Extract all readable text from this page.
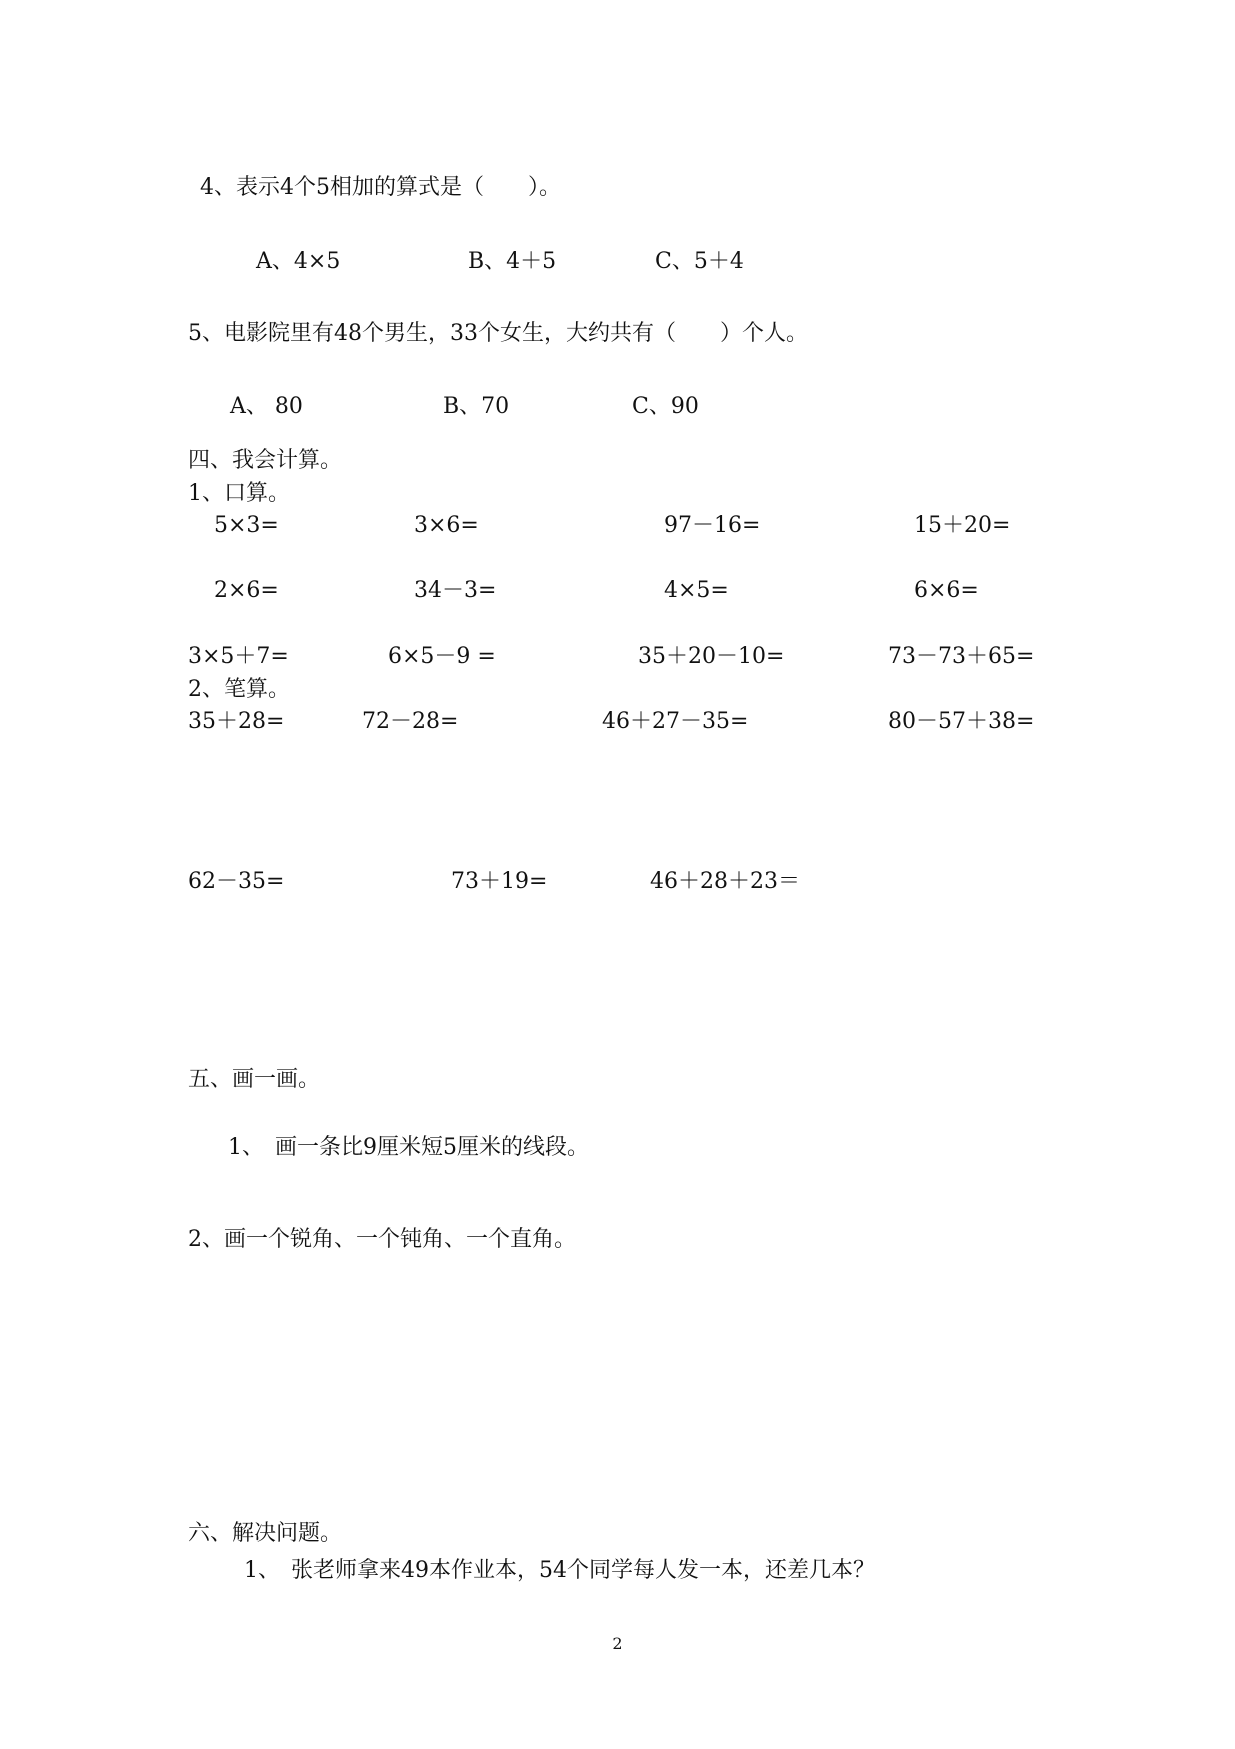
4、表示4个5相加的算式是（　　）。
A、4×5	B、4＋5	C、5＋4
5、电影院里有48个男生，33个女生，大约共有（　　）个人。
A、 80	B、70	C、90
四、我会计算。
1、口算。
5×3=	3×6=	97－16=	15＋20=
2×6=	34－3=	4×5=	6×6=
3×5＋7=	6×5－9 =	35＋20－10=	73－73＋65=
2、笔算。
35＋28=	72－28=	46＋27－35=	80－57＋38=
62－35=	73＋19=	46＋28＋23＝
五、画一画。
1、　画一条比9厘米短5厘米的线段。
2、画一个锐角、一个钝角、一个直角。
六、解决问题。
1、　张老师拿来49本作业本，54个同学每人发一本，还差几本？
2
